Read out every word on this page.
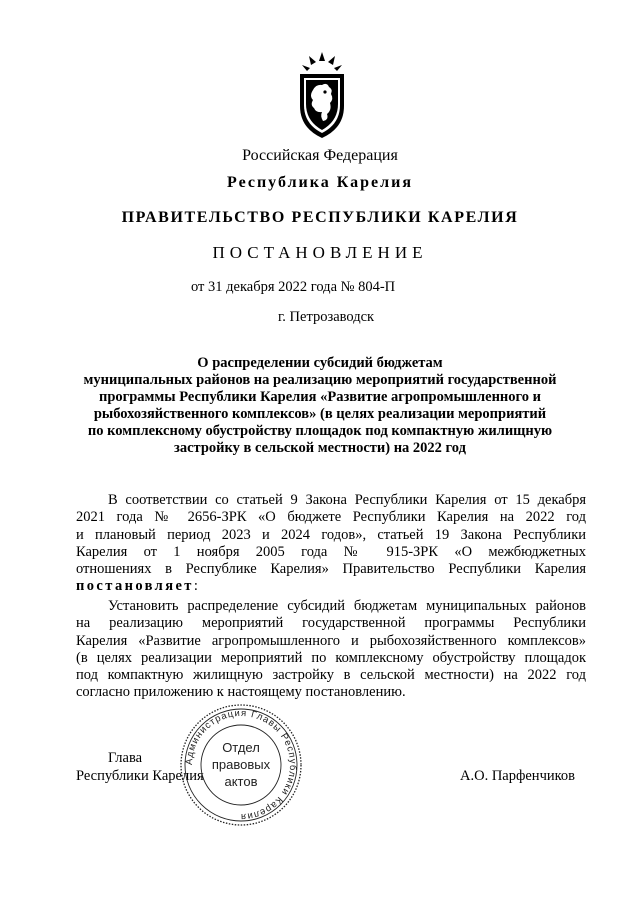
Российская Федерация
Республика Карелия
ПРАВИТЕЛЬСТВО РЕСПУБЛИКИ КАРЕЛИЯ
ПОСТАНОВЛЕНИЕ
от 31 декабря 2022 года № 804-П
г. Петрозаводск
О распределении субсидий бюджетам
муниципальных районов на реализацию мероприятий государственной
программы Республики Карелия «Развитие агропромышленного и
рыбохозяйственного комплексов» (в целях реализации мероприятий
по комплексному обустройству площадок под компактную жилищную
застройку в сельской местности) на 2022 год
В соответствии со статьей 9 Закона Республики Карелия от 15 декабря
2021 года № 2656-ЗРК «О бюджете Республики Карелия на 2022 год
и плановый период 2023 и 2024 годов», статьей 19 Закона Республики
Карелия от 1 ноября 2005 года № 915-ЗРК «О межбюджетных
отношениях в Республике Карелия» Правительство Республики Карелия
постановляет:
Установить распределение субсидий бюджетам муниципальных районов
на реализацию мероприятий государственной программы Республики
Карелия «Развитие агропромышленного и рыбохозяйственного комплексов»
(в целях реализации мероприятий по комплексному обустройству площадок
под компактную жилищную застройку в сельской местности) на 2022 год
согласно приложению к настоящему постановлению.
Глава
Республики Карелия	А.О. Парфенчиков
Администрация Главы Республики Карелия
Отдел
правовых
актов
